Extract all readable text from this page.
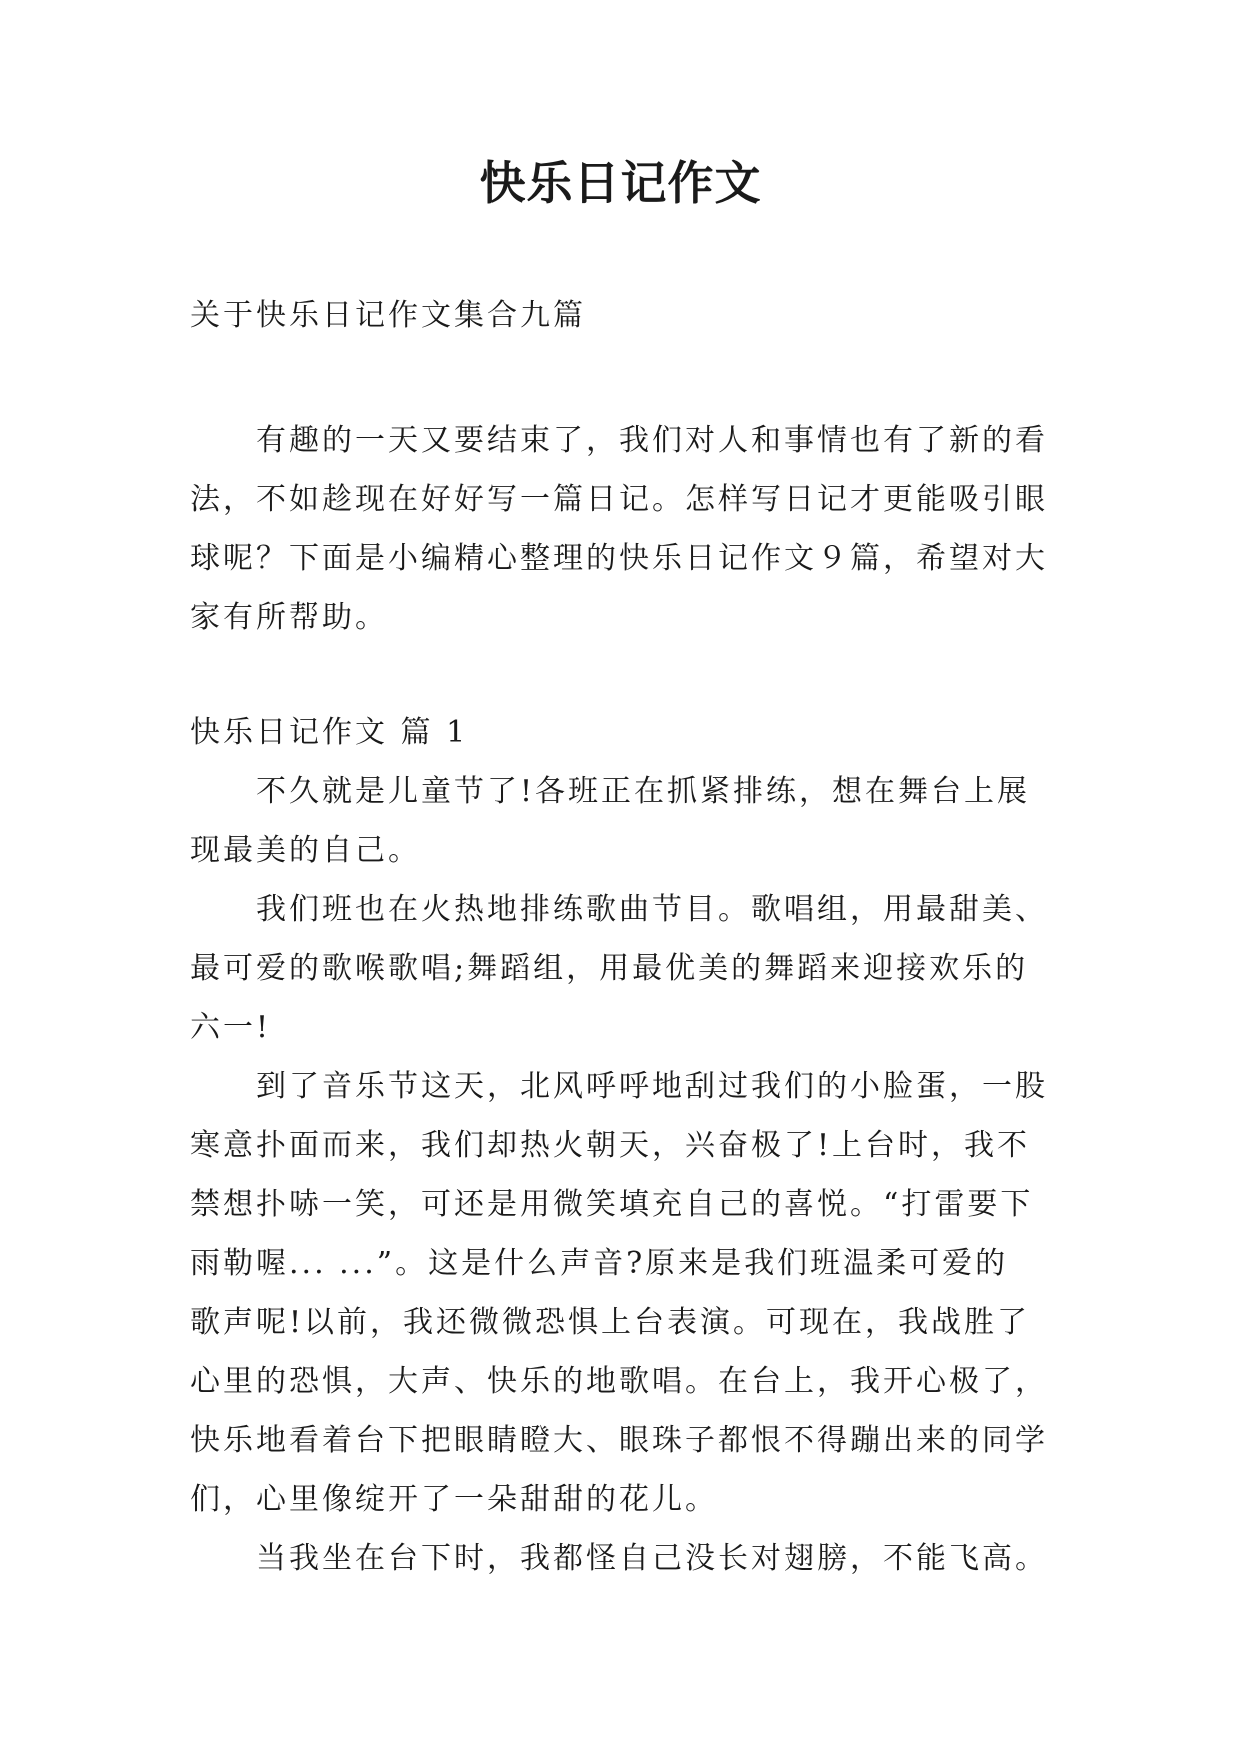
快乐日记作文

关于快乐日记作文集合九篇

有趣的一天又要结束了，我们对人和事情也有了新的看

法，不如趁现在好好写一篇日记。怎样写日记才更能吸引眼

球呢？下面是小编精心整理的快乐日记作文９篇，希望对大

家有所帮助。

快乐日记作文 篇 1

不久就是儿童节了!各班正在抓紧排练，想在舞台上展

现最美的自己。

我们班也在火热地排练歌曲节目。歌唱组，用最甜美、

最可爱的歌喉歌唱;舞蹈组，用最优美的舞蹈来迎接欢乐的

六一!

到了音乐节这天，北风呼呼地刮过我们的小脸蛋，一股

寒意扑面而来，我们却热火朝天，兴奋极了!上台时，我不

禁想扑哧一笑，可还是用微笑填充自己的喜悦。“打雷要下

雨勒喔... ...”。这是什么声音?原来是我们班温柔可爱的

歌声呢!以前，我还微微恐惧上台表演。可现在，我战胜了

心里的恐惧，大声、快乐的地歌唱。在台上，我开心极了，

快乐地看着台下把眼睛瞪大、眼珠子都恨不得蹦出来的同学

们，心里像绽开了一朵甜甜的花儿。

当我坐在台下时，我都怪自己没长对翅膀，不能飞高。
